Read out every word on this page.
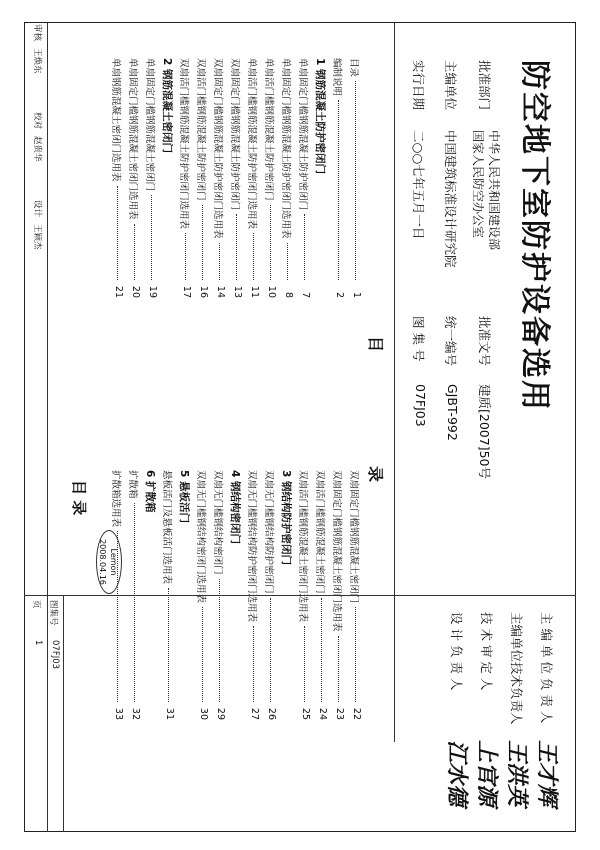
防空地下室防护设备选用
批准部门
中华人民共和国建设部
国家人民防空办公室
批准文号
建质[2007]50号
主编单位
中国建筑标准设计研究院
统一编号
GJBT-992
实行日期
二○○七年五月一日
图 集 号
07FJ03
主 编 单 位 负 责 人
王才辉
主编单位技术负责人
王洪英
技 术 审 定 人
上官源
设 计 负 责 人
江水德
目
录
目录
1
编制说明
2
1 钢筋混凝土防护密闭门
单扇固定门槛钢筋混凝土防护密闭门
7
单扇固定门槛钢筋混凝土防护密闭门选用表
8
单扇活门槛钢筋混凝土防护密闭门
10
单扇活门槛钢筋混凝土防护密闭门选用表
11
双扇固定门槛钢筋混凝土防护密闭门
13
双扇固定门槛钢筋混凝土防护密闭门选用表
14
双扇活门槛钢筋混凝土防护密闭门
16
双扇活门槛钢筋混凝土防护密闭门选用表
17
2 钢筋混凝土密闭门
单扇固定门槛钢筋混凝土密闭门
19
单扇固定门槛钢筋混凝土密闭门选用表
20
单扇钢筋混凝土密闭门选用表
21
双扇固定门槛钢筋混凝土密闭门
22
双扇固定门槛钢筋混凝土密闭门选用表
23
双扇活门槛钢筋混凝土密闭门
24
双扇活门槛钢筋混凝土密闭门选用表
25
3 钢结构防护密闭门
双扇无门槛钢结构防护密闭门
26
双扇无门槛钢结构防护密闭门选用表
27
4 钢结构密闭门
双扇无门槛钢结构密闭门
29
双扇无门槛钢结构密闭门选用表
30
5 悬板活门
悬板活门及悬板活门选用表
31
6 扩散箱
扩散箱
32
扩散箱选用表
33
Lemon
2008.04.16
目 录
审核
王焕东
校对
赵贵华
设计
王颖杰
图集号
07FJ03
页
1
